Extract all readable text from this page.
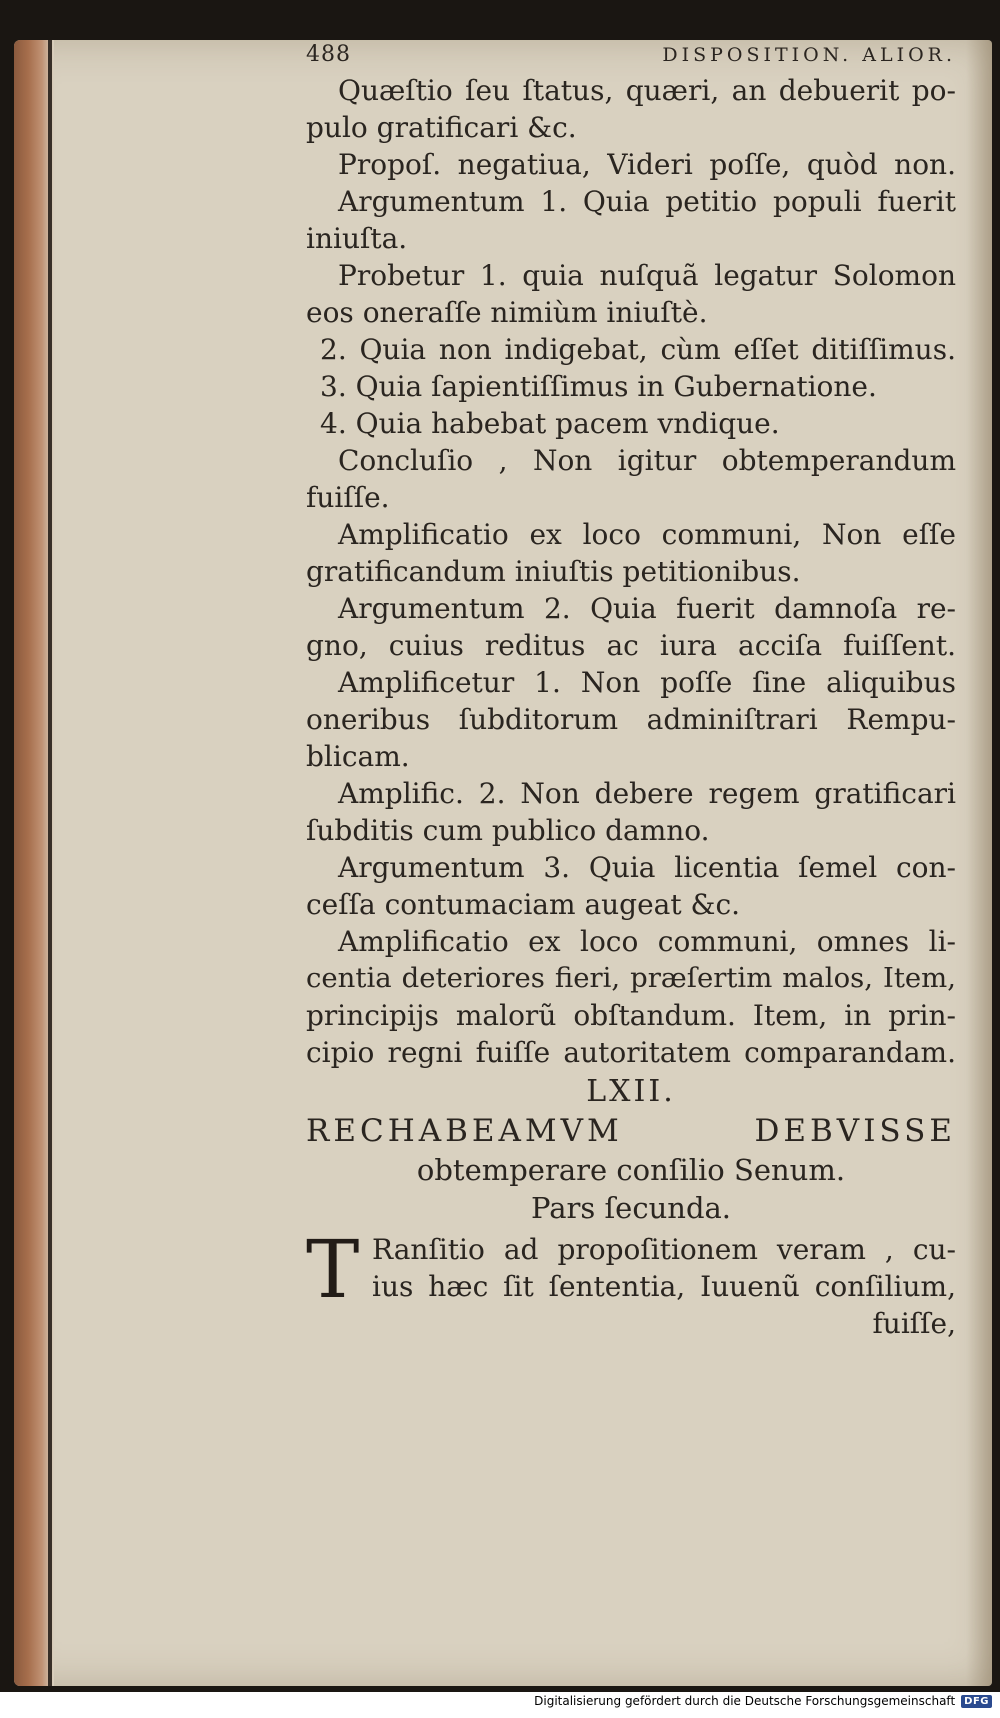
488	DISPOSITION. ALIOR.
Quæſtio ſeu ſtatus, quæri, an debuerit po-
pulo gratificari &c.
Propoſ. negatiua, Videri poſſe, quòd non.
Argumentum 1. Quia petitio populi fuerit
iniuſta.
Probetur 1. quia nuſquã legatur Solomon
eos oneraſſe nimiùm iniuſtè.
2. Quia non indigebat, cùm eſſet ditiſſimus.
3. Quia ſapientiſſimus in Gubernatione.
4. Quia habebat pacem vndique.
Concluſio , Non igitur obtemperandum
fuiſſe.
Amplificatio ex loco communi, Non eſſe
gratificandum iniuſtis petitionibus.
Argumentum 2. Quia fuerit damnoſa re-
gno, cuius reditus ac iura acciſa fuiſſent.
Amplificetur 1. Non poſſe ſine aliquibus
oneribus ſubditorum adminiſtrari Rempu-
blicam.
Amplific. 2. Non debere regem gratificari
ſubditis cum publico damno.
Argumentum 3. Quia licentia ſemel con-
ceſſa contumaciam augeat &c.
Amplificatio ex loco communi, omnes li-
centia deteriores fieri, præſertim malos, Item,
principijs malorũ obſtandum. Item, in prin-
cipio regni fuiſſe autoritatem comparandam.
LXII.
RECHABEAMVM DEBVISSE
obtemperare conſilio Senum.
Pars ſecunda.
T Ranſitio ad propoſitionem veram , cu-
ius hæc ſit ſententia, Iuuenũ conſilium,
fuiſſe,
Digitalisierung gefördert durch die Deutsche Forschungsgemeinschaft DFG
